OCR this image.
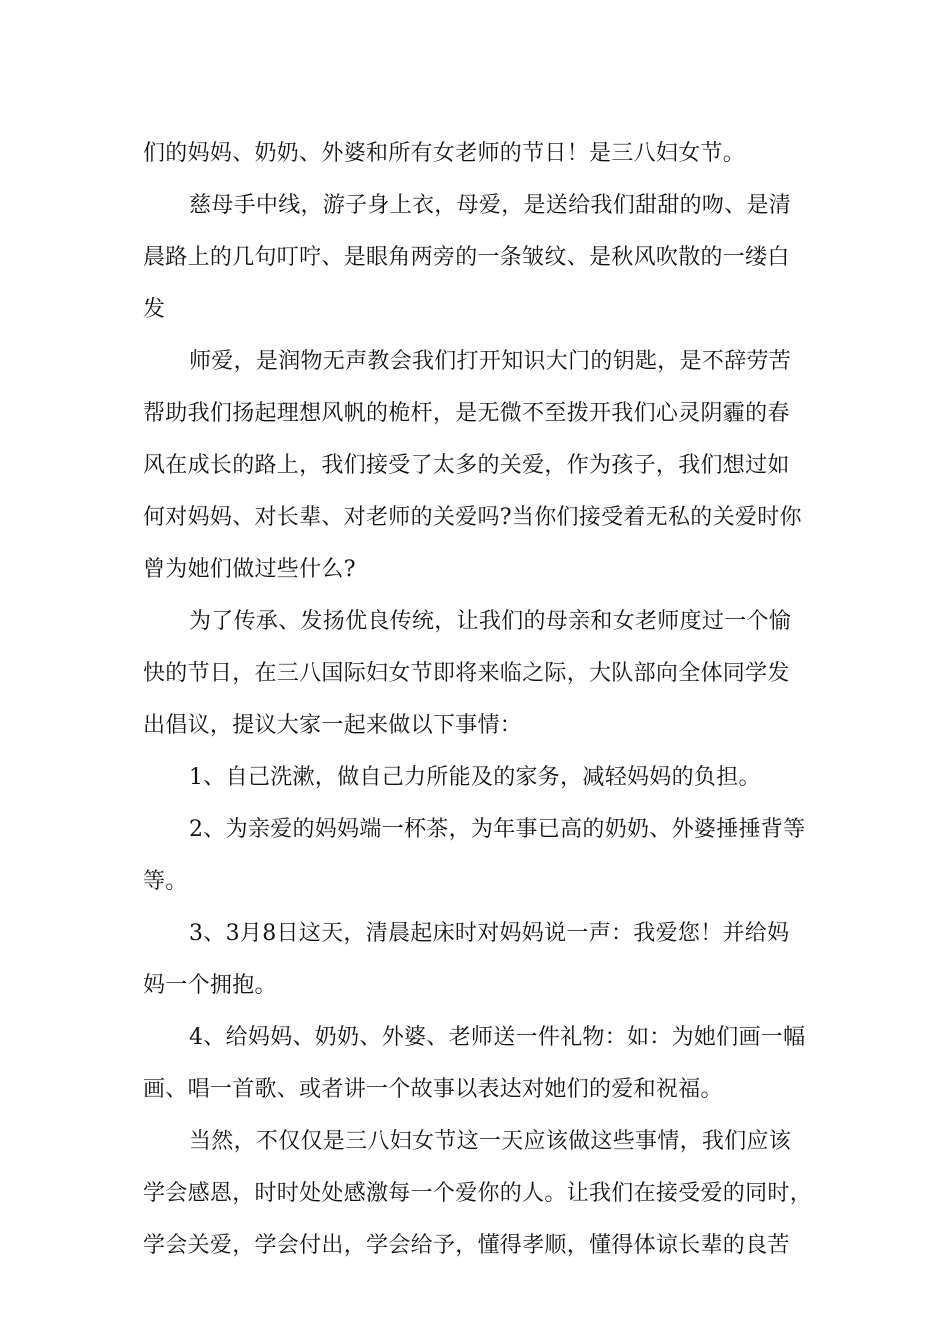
们的妈妈、奶奶、外婆和所有女老师的节日！是三八妇女节。
慈母手中线，游子身上衣，母爱，是送给我们甜甜的吻、是清
晨路上的几句叮咛、是眼角两旁的一条皱纹、是秋风吹散的一缕白
发
师爱，是润物无声教会我们打开知识大门的钥匙，是不辞劳苦
帮助我们扬起理想风帆的桅杆，是无微不至拨开我们心灵阴霾的春
风在成长的路上，我们接受了太多的关爱，作为孩子，我们想过如
何对妈妈、对长辈、对老师的关爱吗?当你们接受着无私的关爱时你
曾为她们做过些什么?
为了传承、发扬优良传统，让我们的母亲和女老师度过一个愉
快的节日，在三八国际妇女节即将来临之际，大队部向全体同学发
出倡议，提议大家一起来做以下事情：
1、自己洗漱，做自己力所能及的家务，减轻妈妈的负担。
2、为亲爱的妈妈端一杯茶，为年事已高的奶奶、外婆捶捶背等
等。
3、3月8日这天，清晨起床时对妈妈说一声：我爱您！并给妈
妈一个拥抱。
4、给妈妈、奶奶、外婆、老师送一件礼物：如：为她们画一幅
画、唱一首歌、或者讲一个故事以表达对她们的爱和祝福。
当然，不仅仅是三八妇女节这一天应该做这些事情，我们应该
学会感恩，时时处处感激每一个爱你的人。让我们在接受爱的同时，
学会关爱，学会付出，学会给予，懂得孝顺，懂得体谅长辈的良苦
